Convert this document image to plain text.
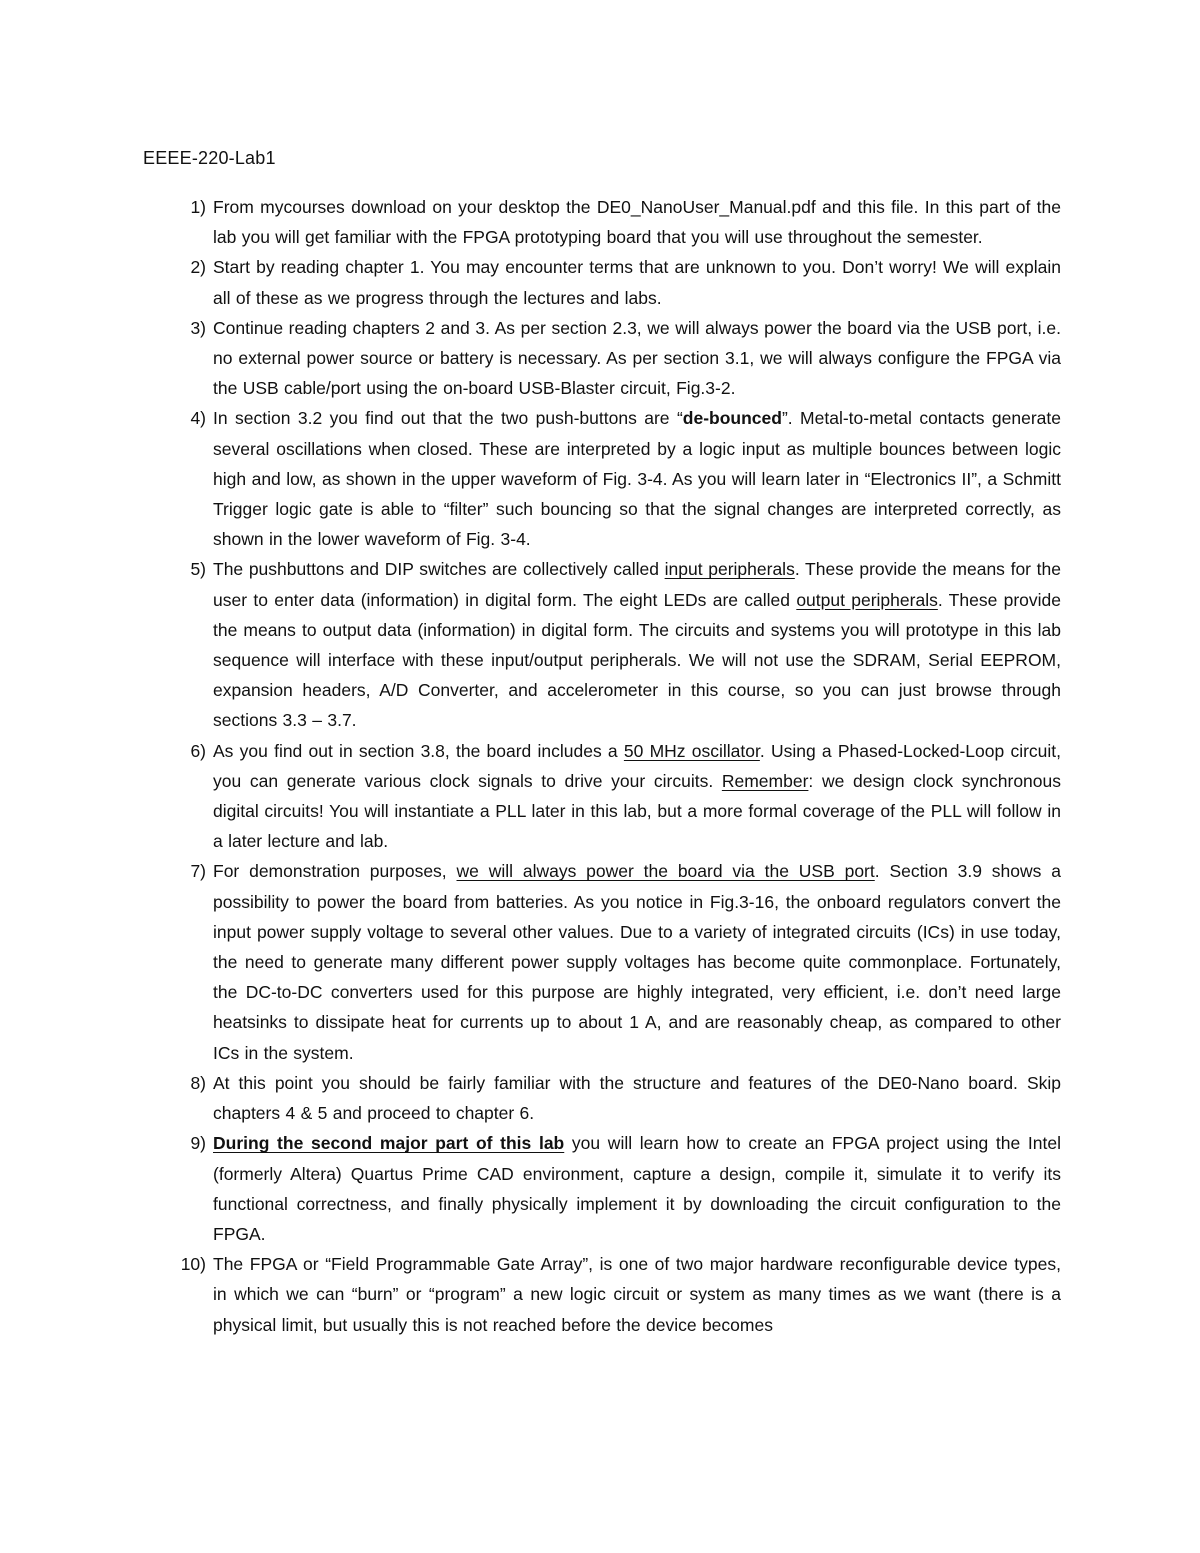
EEEE-220-Lab1
1) From mycourses download on your desktop the DE0_NanoUser_Manual.pdf and this file. In this part of the lab you will get familiar with the FPGA prototyping board that you will use throughout the semester.
2) Start by reading chapter 1. You may encounter terms that are unknown to you. Don’t worry! We will explain all of these as we progress through the lectures and labs.
3) Continue reading chapters 2 and 3. As per section 2.3, we will always power the board via the USB port, i.e. no external power source or battery is necessary. As per section 3.1, we will always configure the FPGA via the USB cable/port using the on-board USB-Blaster circuit, Fig.3-2.
4) In section 3.2 you find out that the two push-buttons are “de-bounced”. Metal-to-metal contacts generate several oscillations when closed. These are interpreted by a logic input as multiple bounces between logic high and low, as shown in the upper waveform of Fig. 3-4. As you will learn later in “Electronics II”, a Schmitt Trigger logic gate is able to “filter” such bouncing so that the signal changes are interpreted correctly, as shown in the lower waveform of Fig. 3-4.
5) The pushbuttons and DIP switches are collectively called input peripherals. These provide the means for the user to enter data (information) in digital form. The eight LEDs are called output peripherals. These provide the means to output data (information) in digital form. The circuits and systems you will prototype in this lab sequence will interface with these input/output peripherals. We will not use the SDRAM, Serial EEPROM, expansion headers, A/D Converter, and accelerometer in this course, so you can just browse through sections 3.3 – 3.7.
6) As you find out in section 3.8, the board includes a 50 MHz oscillator. Using a Phased-Locked-Loop circuit, you can generate various clock signals to drive your circuits. Remember: we design clock synchronous digital circuits! You will instantiate a PLL later in this lab, but a more formal coverage of the PLL will follow in a later lecture and lab.
7) For demonstration purposes, we will always power the board via the USB port. Section 3.9 shows a possibility to power the board from batteries. As you notice in Fig.3-16, the onboard regulators convert the input power supply voltage to several other values. Due to a variety of integrated circuits (ICs) in use today, the need to generate many different power supply voltages has become quite commonplace. Fortunately, the DC-to-DC converters used for this purpose are highly integrated, very efficient, i.e. don’t need large heatsinks to dissipate heat for currents up to about 1 A, and are reasonably cheap, as compared to other ICs in the system.
8) At this point you should be fairly familiar with the structure and features of the DE0-Nano board. Skip chapters 4 & 5 and proceed to chapter 6.
9) During the second major part of this lab you will learn how to create an FPGA project using the Intel (formerly Altera) Quartus Prime CAD environment, capture a design, compile it, simulate it to verify its functional correctness, and finally physically implement it by downloading the circuit configuration to the FPGA.
10) The FPGA or “Field Programmable Gate Array”, is one of two major hardware reconfigurable device types, in which we can “burn” or “program” a new logic circuit or system as many times as we want (there is a physical limit, but usually this is not reached before the device becomes
